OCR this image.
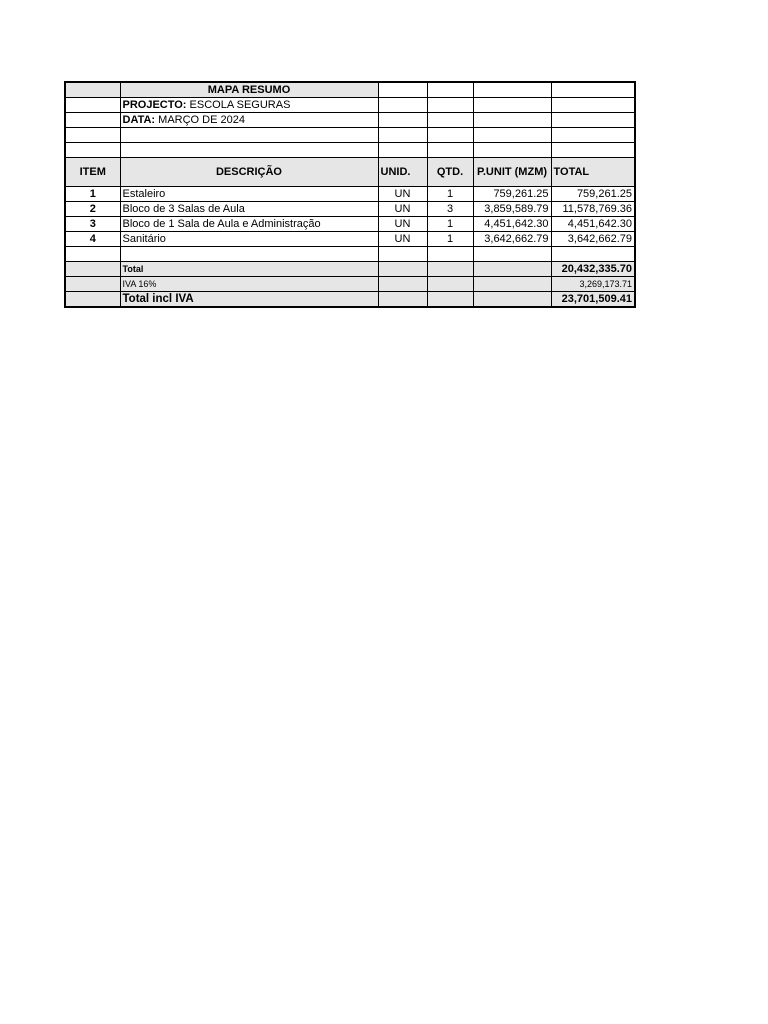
	MAPA RESUMO				
	PROJECTO: ESCOLA SEGURAS				
	DATA: MARÇO DE 2024				

ITEM	DESCRIÇÃO	UNID.	QTD.	P.UNIT (MZM)	TOTAL
1	Estaleiro	UN	1	759,261.25	759,261.25
2	Bloco de 3 Salas de Aula	UN	3	3,859,589.79	11,578,769.36
3	Bloco de 1 Sala de Aula e Administração	UN	1	4,451,642.30	4,451,642.30
4	Sanitário	UN	1	3,642,662.79	3,642,662.79

	Total				20,432,335.70
	IVA 16%				3,269,173.71
	Total incl IVA				23,701,509.41
